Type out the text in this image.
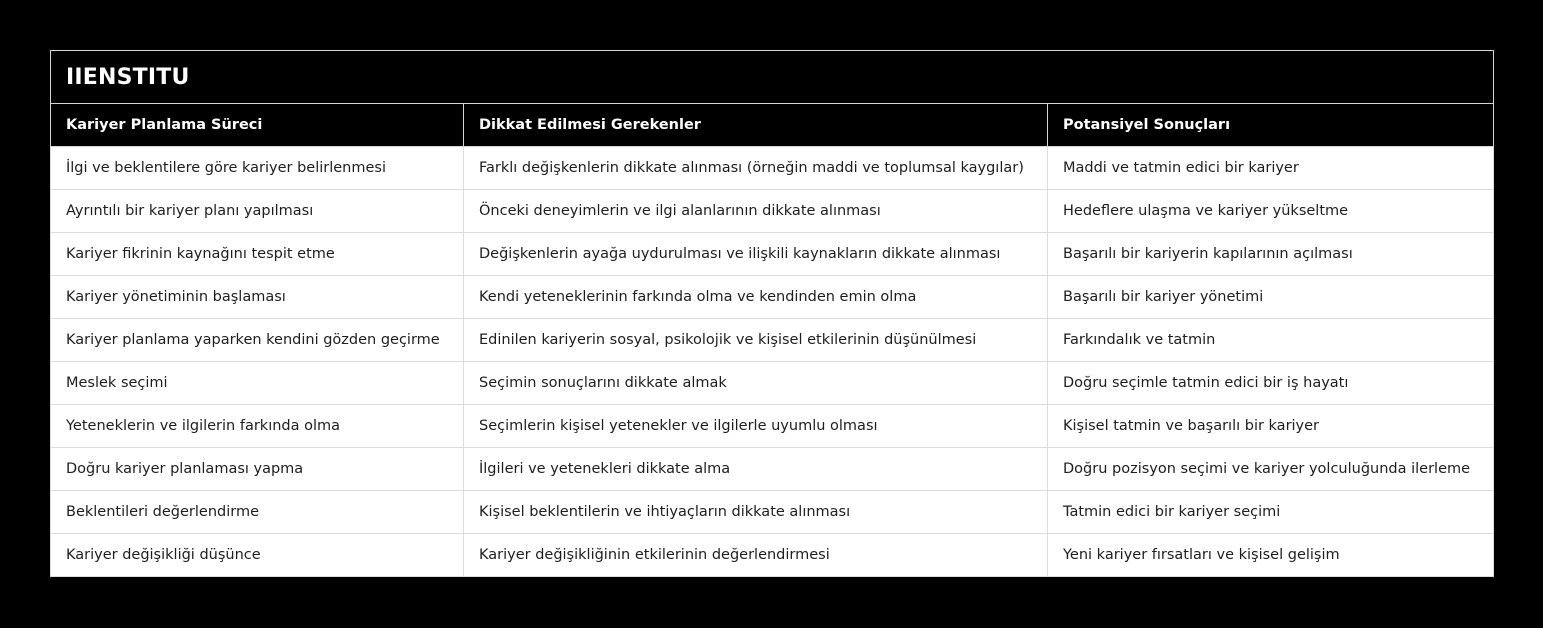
IIENSTITU		
Kariyer Planlama Süreci	Dikkat Edilmesi Gerekenler	Potansiyel Sonuçları
İlgi ve beklentilere göre kariyer belirlenmesi	Farklı değişkenlerin dikkate alınması (örneğin maddi ve toplumsal kaygılar)	Maddi ve tatmin edici bir kariyer
Ayrıntılı bir kariyer planı yapılması	Önceki deneyimlerin ve ilgi alanlarının dikkate alınması	Hedeflere ulaşma ve kariyer yükseltme
Kariyer fikrinin kaynağını tespit etme	Değişkenlerin ayağa uydurulması ve ilişkili kaynakların dikkate alınması	Başarılı bir kariyerin kapılarının açılması
Kariyer yönetiminin başlaması	Kendi yeteneklerinin farkında olma ve kendinden emin olma	Başarılı bir kariyer yönetimi
Kariyer planlama yaparken kendini gözden geçirme	Edinilen kariyerin sosyal, psikolojik ve kişisel etkilerinin düşünülmesi	Farkındalık ve tatmin
Meslek seçimi	Seçimin sonuçlarını dikkate almak	Doğru seçimle tatmin edici bir iş hayatı
Yeteneklerin ve ilgilerin farkında olma	Seçimlerin kişisel yetenekler ve ilgilerle uyumlu olması	Kişisel tatmin ve başarılı bir kariyer
Doğru kariyer planlaması yapma	İlgileri ve yetenekleri dikkate alma	Doğru pozisyon seçimi ve kariyer yolculuğunda ilerleme
Beklentileri değerlendirme	Kişisel beklentilerin ve ihtiyaçların dikkate alınması	Tatmin edici bir kariyer seçimi
Kariyer değişikliği düşünce	Kariyer değişikliğinin etkilerinin değerlendirmesi	Yeni kariyer fırsatları ve kişisel gelişim
